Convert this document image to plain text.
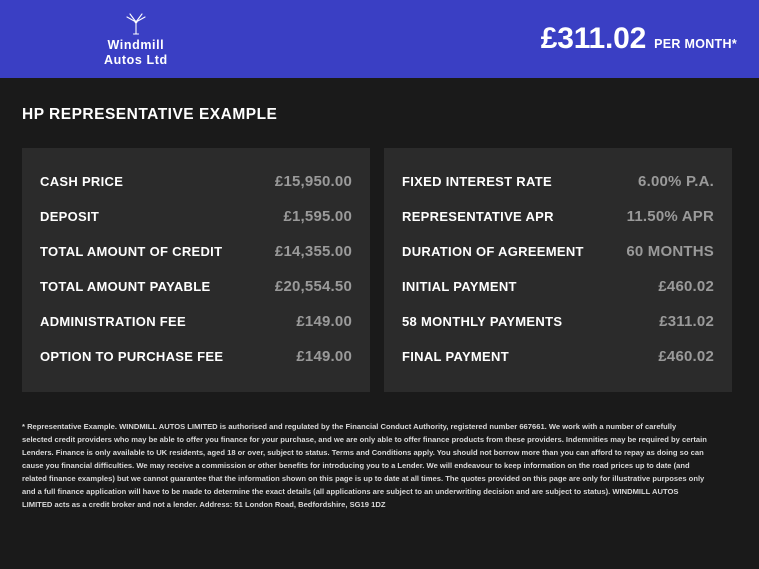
Windmill
Autos Ltd
£311.02 PER MONTH*
HP REPRESENTATIVE EXAMPLE
CASH PRICE	£15,950.00
DEPOSIT	£1,595.00
TOTAL AMOUNT OF CREDIT	£14,355.00
TOTAL AMOUNT PAYABLE	£20,554.50
ADMINISTRATION FEE	£149.00
OPTION TO PURCHASE FEE	£149.00
FIXED INTEREST RATE	6.00% P.A.
REPRESENTATIVE APR	11.50% APR
DURATION OF AGREEMENT	60 MONTHS
INITIAL PAYMENT	£460.02
58 MONTHLY PAYMENTS	£311.02
FINAL PAYMENT	£460.02
* Representative Example. WINDMILL AUTOS LIMITED is authorised and regulated by the Financial Conduct Authority, registered number 667661. We work with a number of carefully selected credit providers who may be able to offer you finance for your purchase, and we are only able to offer finance products from these providers. Indemnities may be required by certain Lenders. Finance is only available to UK residents, aged 18 or over, subject to status. Terms and Conditions apply. You should not borrow more than you can afford to repay as doing so can cause you financial difficulties. We may receive a commission or other benefits for introducing you to a Lender. We will endeavour to keep information on the road prices up to date (and related finance examples) but we cannot guarantee that the information shown on this page is up to date at all times. The quotes provided on this page are only for illustrative purposes only and a full finance application will have to be made to determine the exact details (all applications are subject to an underwriting decision and are subject to status). WINDMILL AUTOS LIMITED acts as a credit broker and not a lender. Address: 51 London Road, Bedfordshire, SG19 1DZ
